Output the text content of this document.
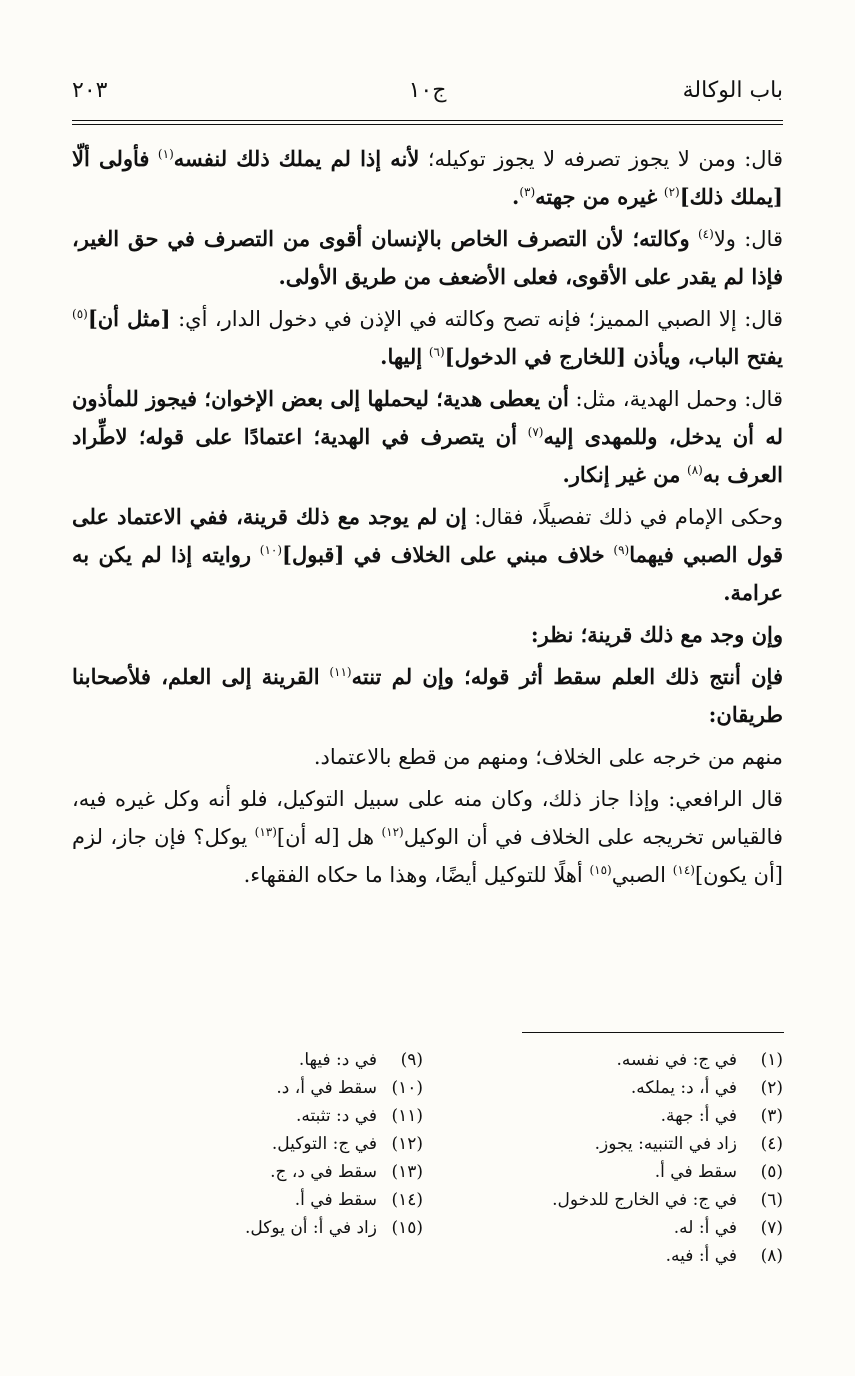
باب الوكالة
ج١٠
٢٠٣

قال: ومن لا يجوز تصرفه لا يجوز توكيله؛ لأنه إذا لم يملك ذلك لنفسه$^{(١)}$ فأولى ألّا [يملك ذلك]$^{(٢)}$ غيره من جهته$^{(٣)}$.

قال: ولا$^{(٤)}$ وكالته؛ لأن التصرف الخاص بالإنسان أقوى من التصرف في حق الغير، فإذا لم يقدر على الأقوى، فعلى الأضعف من طريق الأولى.

قال: إلا الصبي المميز؛ فإنه تصح وكالته في الإذن في دخول الدار، أي: [مثل أن]$^{(٥)}$ يفتح الباب، ويأذن [للخارج في الدخول]$^{(٦)}$ إليها.

قال: وحمل الهدية، مثل: أن يعطى هدية؛ ليحملها إلى بعض الإخوان؛ فيجوز للمأذون له أن يدخل، وللمهدى إليه$^{(٧)}$ أن يتصرف في الهدية؛ اعتمادًا على قوله؛ لاطِّراد العرف به$^{(٨)}$ من غير إنكار.

وحكى الإمام في ذلك تفصيلًا، فقال: إن لم يوجد مع ذلك قرينة، ففي الاعتماد على قول الصبي فيهما$^{(٩)}$ خلاف مبني على الخلاف في [قبول]$^{(١٠)}$ روايته إذا لم يكن به عرامة.

وإن وجد مع ذلك قرينة؛ نظر:

فإن أنتج ذلك العلم سقط أثر قوله؛ وإن لم تنته$^{(١١)}$ القرينة إلى العلم، فلأصحابنا طريقان:

منهم من خرجه على الخلاف؛ ومنهم من قطع بالاعتماد.

قال الرافعي: وإذا جاز ذلك، وكان منه على سبيل التوكيل، فلو أنه وكل غيره فيه، فالقياس تخريجه على الخلاف في أن الوكيل$^{(١٢)}$ هل [له أن]$^{(١٣)}$ يوكل؟ فإن جاز، لزم [أن يكون]$^{(١٤)}$ الصبي$^{(١٥)}$ أهلًا للتوكيل أيضًا، وهذا ما حكاه الفقهاء.

(١)في ج: في نفسه.
(٢)في أ، د: يملكه.
(٣)في أ: جهة.
(٤)زاد في التنبيه: يجوز.
(٥)سقط في أ.
(٦)في ج: في الخارج للدخول.
(٧)في أ: له.
(٨)في أ: فيه.
(٩)في د: فيها.
(١٠)سقط في أ، د.
(١١)في د: تثبته.
(١٢)في ج: التوكيل.
(١٣)سقط في د، ج.
(١٤)سقط في أ.
(١٥)زاد في أ: أن يوكل.
